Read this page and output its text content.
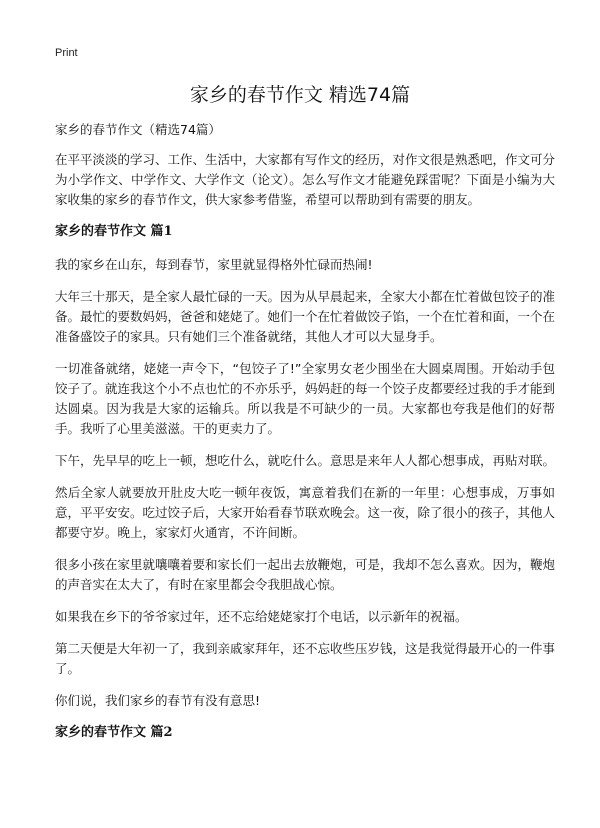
Print
家乡的春节作文 精选74篇

家乡的春节作文（精选74篇）

在平平淡淡的学习、工作、生活中，大家都有写作文的经历，对作文很是熟悉吧，作文可分为小学作文、中学作文、大学作文（论文）。怎么写作文才能避免踩雷呢？下面是小编为大家收集的家乡的春节作文，供大家参考借鉴，希望可以帮助到有需要的朋友。

家乡的春节作文 篇1

我的家乡在山东，每到春节，家里就显得格外忙碌而热闹!

大年三十那天，是全家人最忙碌的一天。因为从早晨起来，全家大小都在忙着做包饺子的准备。最忙的要数妈妈，爸爸和姥姥了。她们一个在忙着做饺子馅，一个在忙着和面，一个在准备盛饺子的家具。只有她们三个准备就绪，其他人才可以大显身手。

一切准备就绪，姥姥一声令下，“包饺子了!”全家男女老少围坐在大圆桌周围。开始动手包饺子了。就连我这个小不点也忙的不亦乐乎，妈妈赶的每一个饺子皮都要经过我的手才能到达圆桌。因为我是大家的运输兵。所以我是不可缺少的一员。大家都也夸我是他们的好帮手。我听了心里美滋滋。干的更卖力了。

下午，先早早的吃上一顿，想吃什么，就吃什么。意思是来年人人都心想事成，再贴对联。

然后全家人就要放开肚皮大吃一顿年夜饭，寓意着我们在新的一年里：心想事成，万事如意，平平安安。吃过饺子后，大家开始看春节联欢晚会。这一夜，除了很小的孩子，其他人都要守岁。晚上，家家灯火通宵，不许间断。

很多小孩在家里就嚷嚷着要和家长们一起出去放鞭炮，可是，我却不怎么喜欢。因为，鞭炮的声音实在太大了，有时在家里都会令我胆战心惊。

如果我在乡下的爷爷家过年，还不忘给姥姥家打个电话，以示新年的祝福。

第二天便是大年初一了，我到亲戚家拜年，还不忘收些压岁钱，这是我觉得最开心的一件事了。

你们说，我们家乡的春节有没有意思!

家乡的春节作文 篇2
